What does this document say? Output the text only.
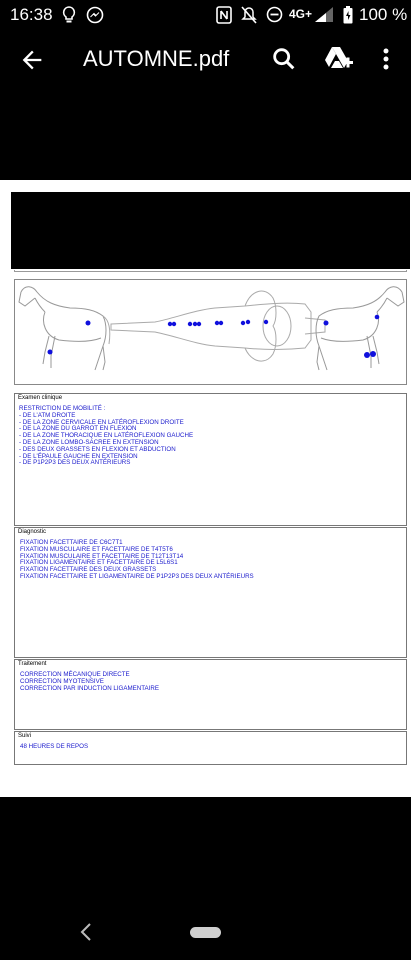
16:38	4G+	100 %
AUTOMNE.pdf
Examen clinique
RESTRICTION DE MOBILITÉ :
- DE L'ATM DROITE
- DE LA ZONE CERVICALE EN LATÉROFLEXION DROITE
- DE LA ZONE DU GARROT EN FLEXION
- DE LA ZONE THORACIQUE EN LATÉROFLEXION GAUCHE
- DE LA ZONE LOMBO-SACREE EN EXTENSION
- DES DEUX GRASSETS EN FLEXION ET ABDUCTION
- DE L'ÉPAULE GAUCHE EN EXTENSION
- DE P1P2P3 DES DEUX ANTÉRIEURS
Diagnostic
FIXATION FACETTAIRE DE C6C7T1
FIXATION MUSCULAIRE ET FACETTAIRE DE T4T5T6
FIXATION MUSCULAIRE ET FACETTAIRE DE T12T13T14
FIXATION LIGAMENTAIRE ET FACETTAIRE DE L5L6S1
FIXATION FACETTAIRE DES DEUX GRASSETS
FIXATION FACETTAIRE ET LIGAMENTAIRE DE P1P2P3 DES DEUX ANTÉRIEURS
Traitement
CORRECTION MÉCANIQUE DIRECTE
CORRECTION MYOTENSIVE
CORRECTION PAR INDUCTION LIGAMENTAIRE
Suivi
48 HEURES DE REPOS
